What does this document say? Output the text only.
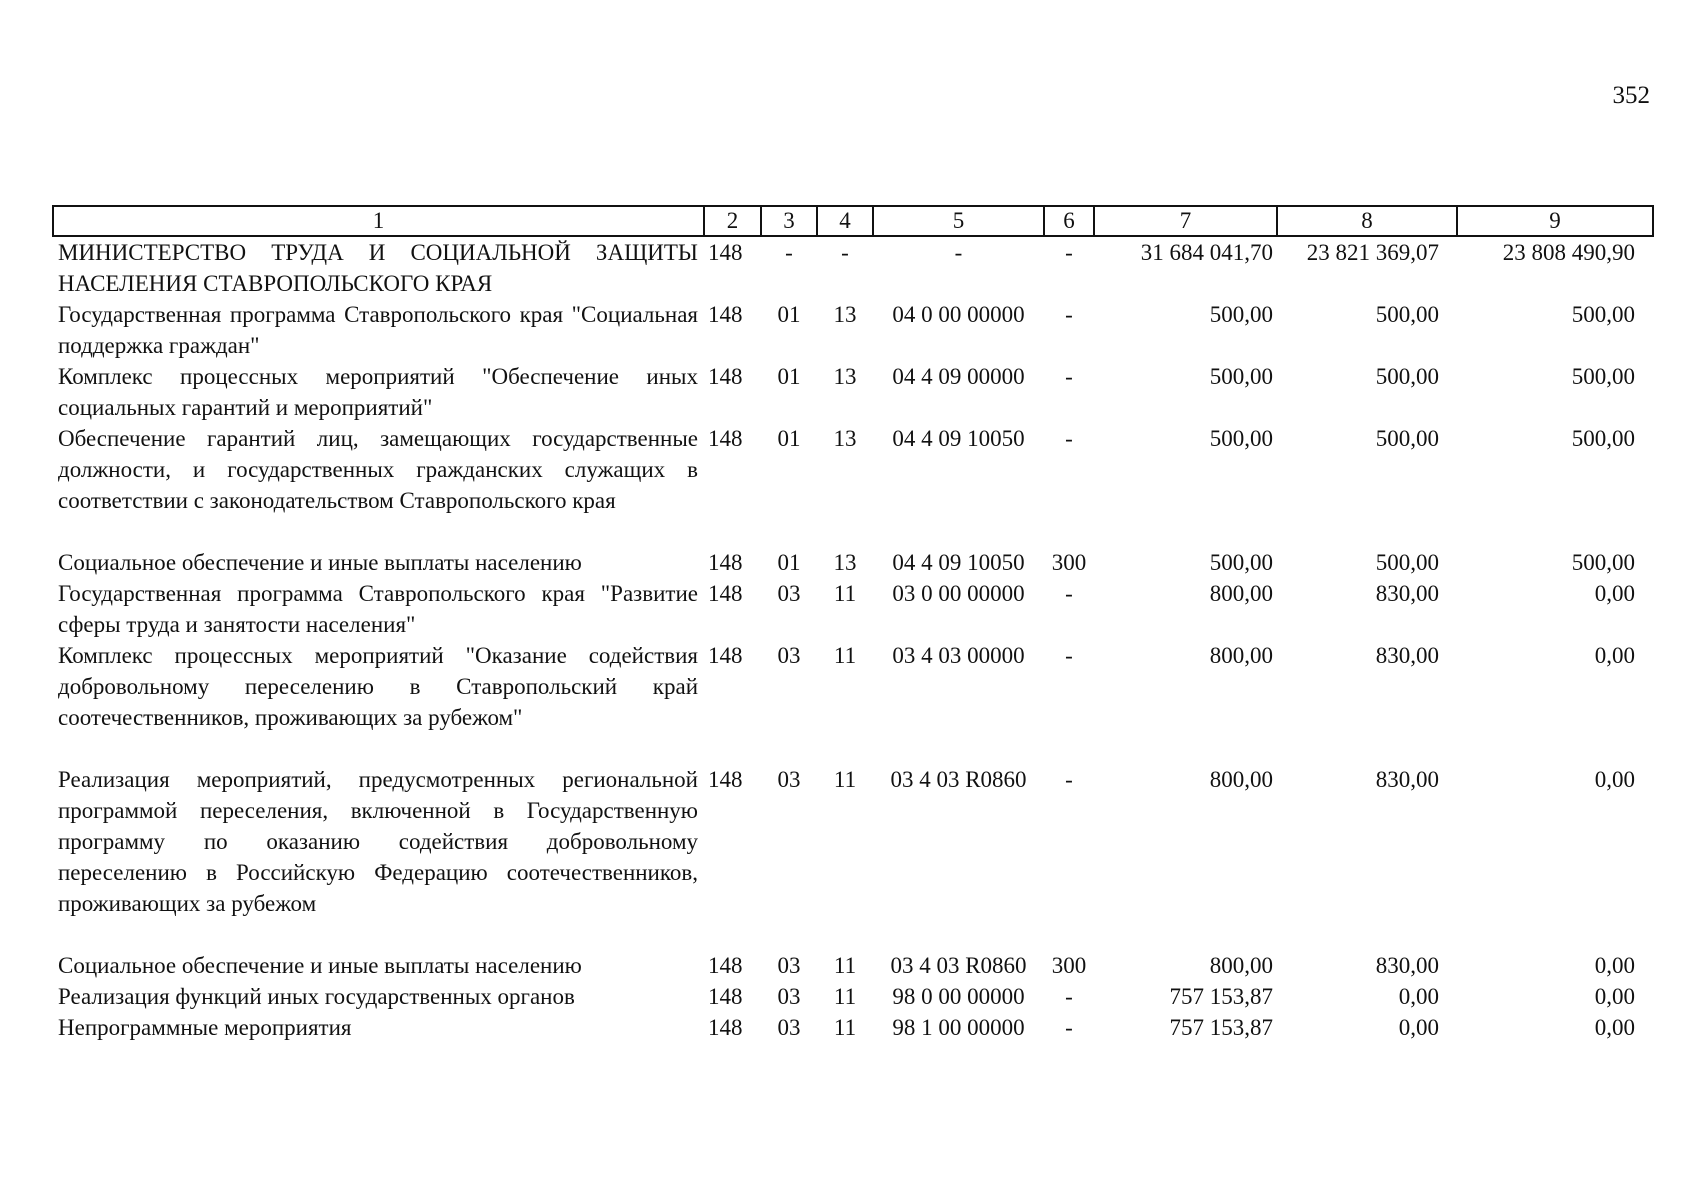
352
1	2	3	4	5	6	7	8	9
МИНИСТЕРСТВО ТРУДА И СОЦИАЛЬНОЙ ЗАЩИТЫ НАСЕЛЕНИЯ СТАВРОПОЛЬСКОГО КРАЯ	148	-	-	-	-	31 684 041,70	23 821 369,07	23 808 490,90
Государственная программа Ставропольского края "Социальная поддержка граждан"	148	01	13	04 0 00 00000	-	500,00	500,00	500,00
Комплекс процессных мероприятий "Обеспечение иных социальных гарантий и мероприятий"	148	01	13	04 4 09 00000	-	500,00	500,00	500,00
Обеспечение гарантий лиц, замещающих государственные должности, и государственных гражданских служащих в соответствии с законодательством Ставропольского края	148	01	13	04 4 09 10050	-	500,00	500,00	500,00
Социальное обеспечение и иные выплаты населению	148	01	13	04 4 09 10050	300	500,00	500,00	500,00
Государственная программа Ставропольского края "Развитие сферы труда и занятости населения"	148	03	11	03 0 00 00000	-	800,00	830,00	0,00
Комплекс процессных мероприятий "Оказание содействия добровольному переселению в Ставропольский край соотечественников, проживающих за рубежом"	148	03	11	03 4 03 00000	-	800,00	830,00	0,00
Реализация мероприятий, предусмотренных региональной программой переселения, включенной в Государственную программу по оказанию содействия добровольному переселению в Российскую Федерацию соотечественников, проживающих за рубежом	148	03	11	03 4 03 R0860	-	800,00	830,00	0,00
Социальное обеспечение и иные выплаты населению	148	03	11	03 4 03 R0860	300	800,00	830,00	0,00
Реализация функций иных государственных органов	148	03	11	98 0 00 00000	-	757 153,87	0,00	0,00
Непрограммные мероприятия	148	03	11	98 1 00 00000	-	757 153,87	0,00	0,00
